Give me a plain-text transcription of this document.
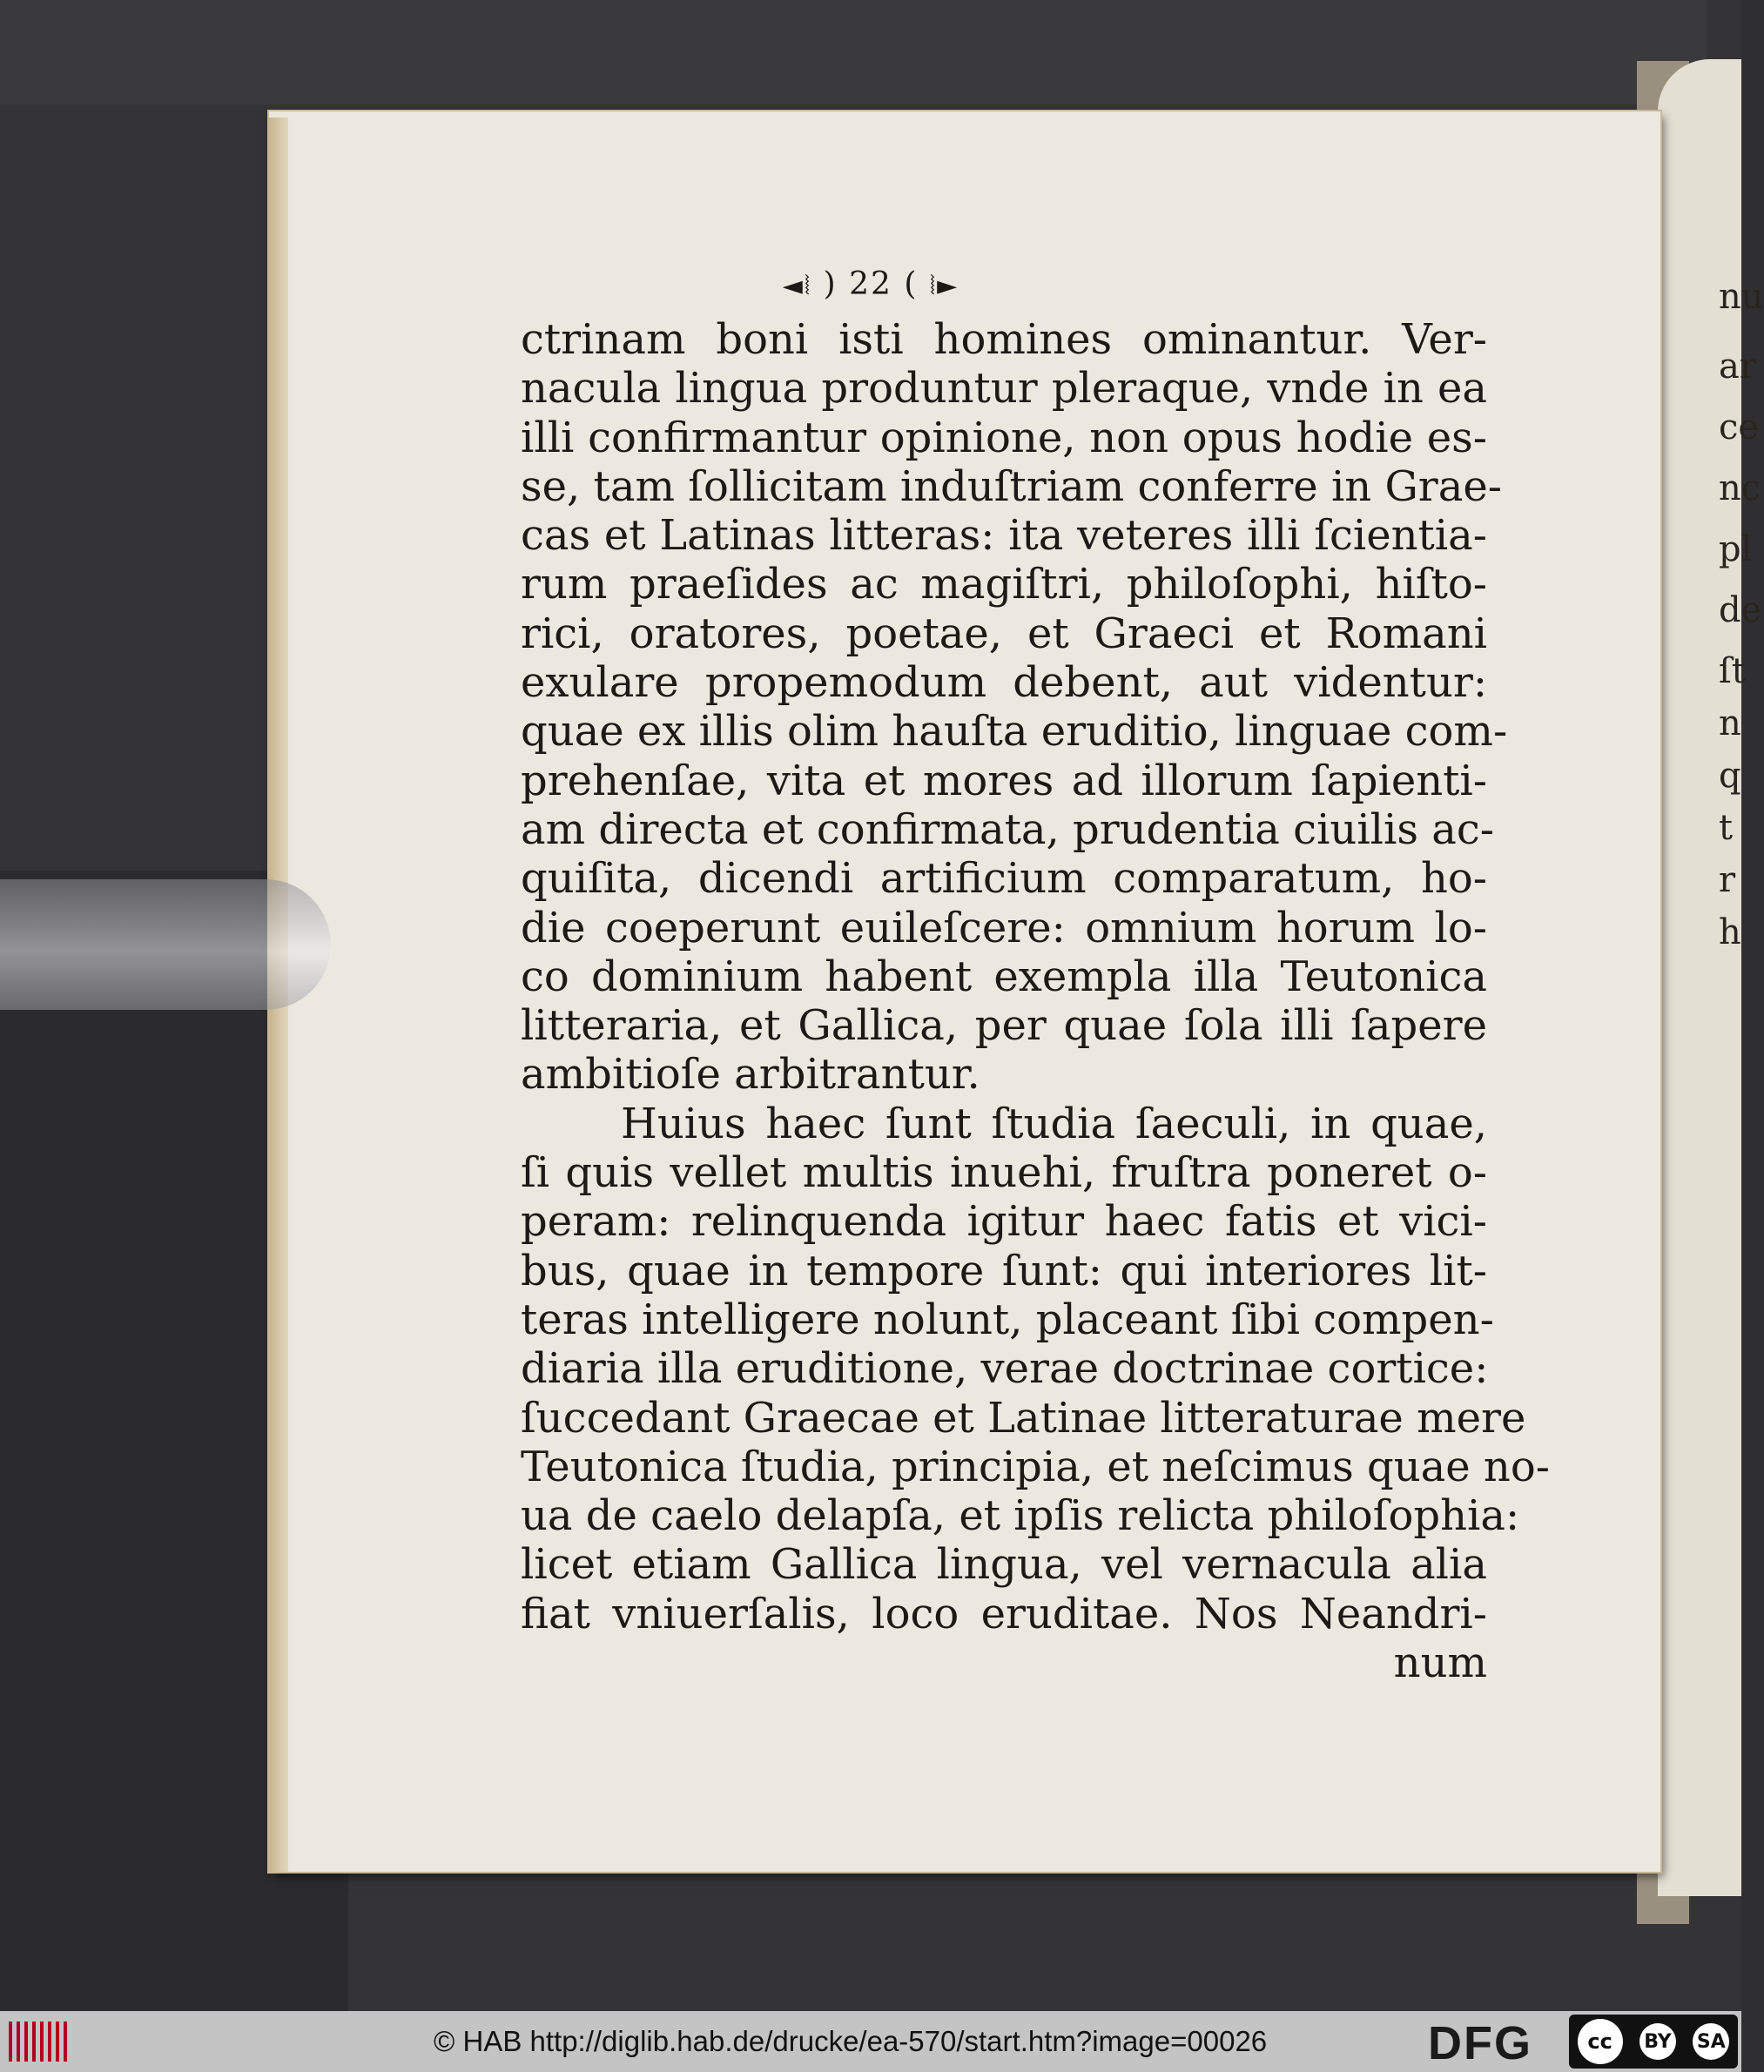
nu
ar
ce
nc
pl
de
ſt
n
q
t
r
h
◄⦚ ) 22 ( ⦚►
ctrinam boni isti homines ominantur. Ver-
nacula lingua produntur pleraque, vnde in ea
illi confirmantur opinione, non opus hodie es-
se, tam ſollicitam induſtriam conferre in Grae-
cas et Latinas litteras: ita veteres illi ſcientia-
rum praeſides ac magiſtri, philoſophi, hiſto-
rici, oratores, poetae, et Graeci et Romani
exulare propemodum debent, aut videntur:
quae ex illis olim hauſta eruditio, linguae com-
prehenſae, vita et mores ad illorum ſapienti-
am directa et confirmata, prudentia ciuilis ac-
quiſita, dicendi artificium comparatum, ho-
die coeperunt euileſcere: omnium horum lo-
co dominium habent exempla illa Teutonica
litteraria, et Gallica, per quae ſola illi ſapere
ambitioſe arbitrantur.
Huius haec ſunt ſtudia ſaeculi, in quae,
ſi quis vellet multis inuehi, fruſtra poneret o-
peram: relinquenda igitur haec fatis et vici-
bus, quae in tempore ſunt: qui interiores lit-
teras intelligere nolunt, placeant ſibi compen-
diaria illa eruditione, verae doctrinae cortice:
ſuccedant Graecae et Latinae litteraturae mere
Teutonica ſtudia, principia, et neſcimus quae no-
ua de caelo delapſa, et ipſis relicta philoſophia:
licet etiam Gallica lingua, vel vernacula alia
fiat vniuerſalis, loco eruditae. Nos Neandri-
num
© HAB http://diglib.hab.de/drucke/ea-570/start.htm?image=00026	DFG	cc	BY SA
